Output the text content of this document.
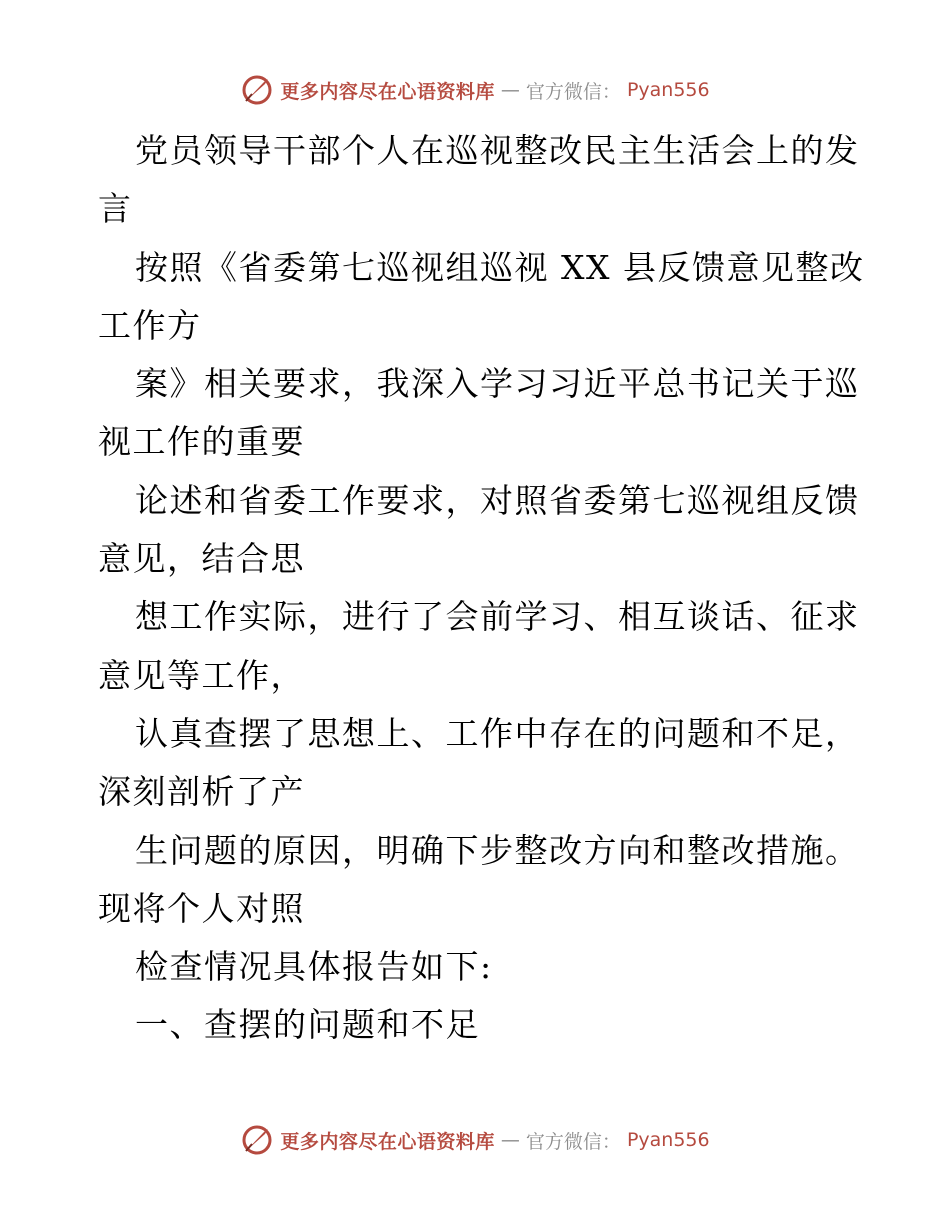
更多内容尽在心语资料库 — 官方微信： Pyan556
党员领导干部个人在巡视整改民主生活会上的发
言
按照《省委第七巡视组巡视 XX 县反馈意见整改
工作方
案》相关要求，我深入学习习近平总书记关于巡
视工作的重要
论述和省委工作要求，对照省委第七巡视组反馈
意见，结合思
想工作实际，进行了会前学习、相互谈话、征求
意见等工作，
认真查摆了思想上、工作中存在的问题和不足，
深刻剖析了产
生问题的原因，明确下步整改方向和整改措施。
现将个人对照
检查情况具体报告如下:
一、查摆的问题和不足
更多内容尽在心语资料库 — 官方微信： Pyan556
